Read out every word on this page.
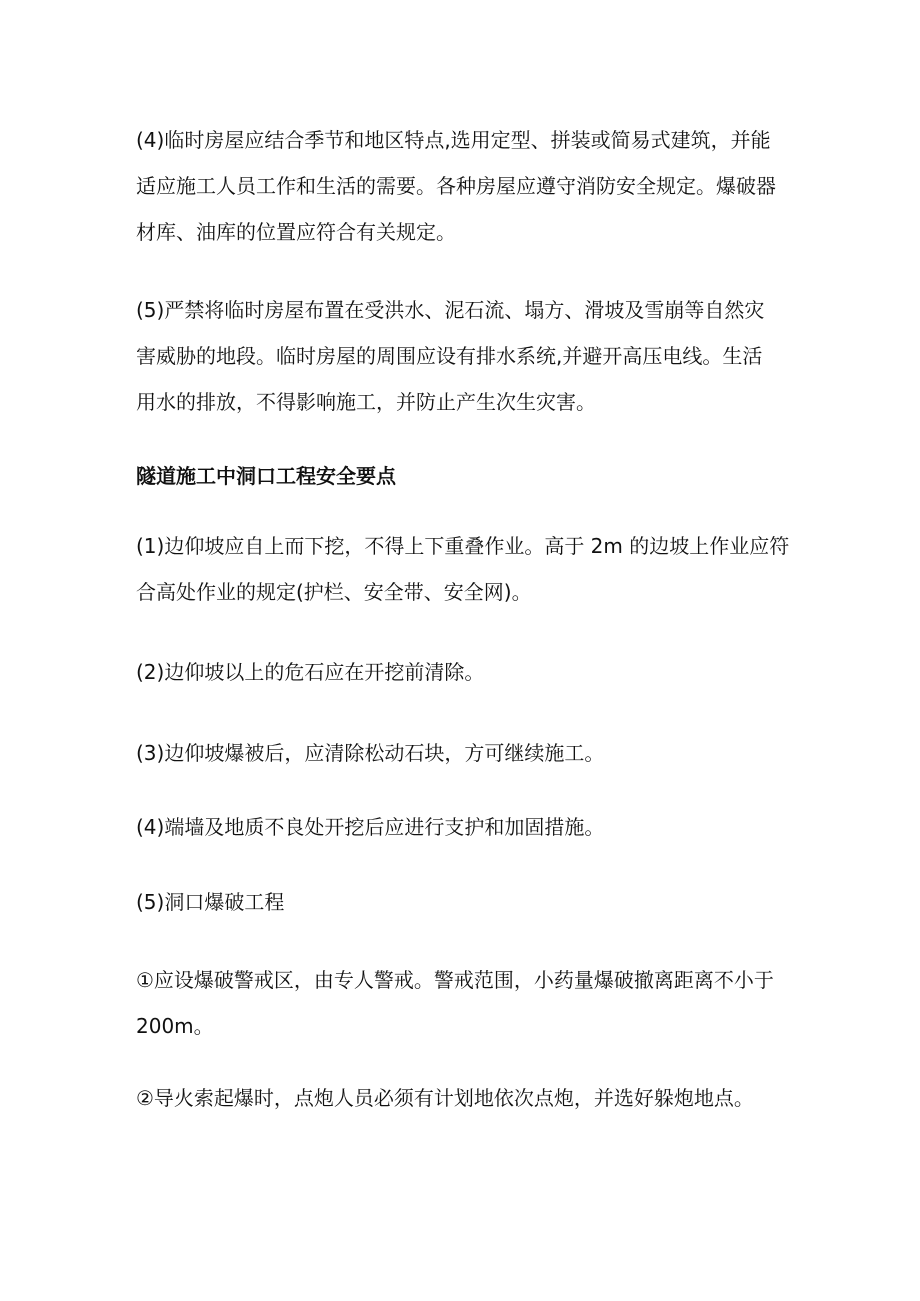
(4)临时房屋应结合季节和地区特点,选用定型、拼装或简易式建筑，并能
适应施工人员工作和生活的需要。各种房屋应遵守消防安全规定。爆破器
材库、油库的位置应符合有关规定。

(5)严禁将临时房屋布置在受洪水、泥石流、塌方、滑坡及雪崩等自然灾
害威胁的地段。临时房屋的周围应设有排水系统,并避开高压电线。生活
用水的排放，不得影响施工，并防止产生次生灾害。

隧道施工中洞口工程安全要点

(1)边仰坡应自上而下挖，不得上下重叠作业。高于 2m 的边坡上作业应符
合高处作业的规定(护栏、安全带、安全网)。

(2)边仰坡以上的危石应在开挖前清除。

(3)边仰坡爆被后，应清除松动石块，方可继续施工。

(4)端墙及地质不良处开挖后应进行支护和加固措施。

(5)洞口爆破工程

①应设爆破警戒区，由专人警戒。警戒范围，小药量爆破撤离距离不小于
200m。

②导火索起爆时，点炮人员必须有计划地依次点炮，并选好躲炮地点。
